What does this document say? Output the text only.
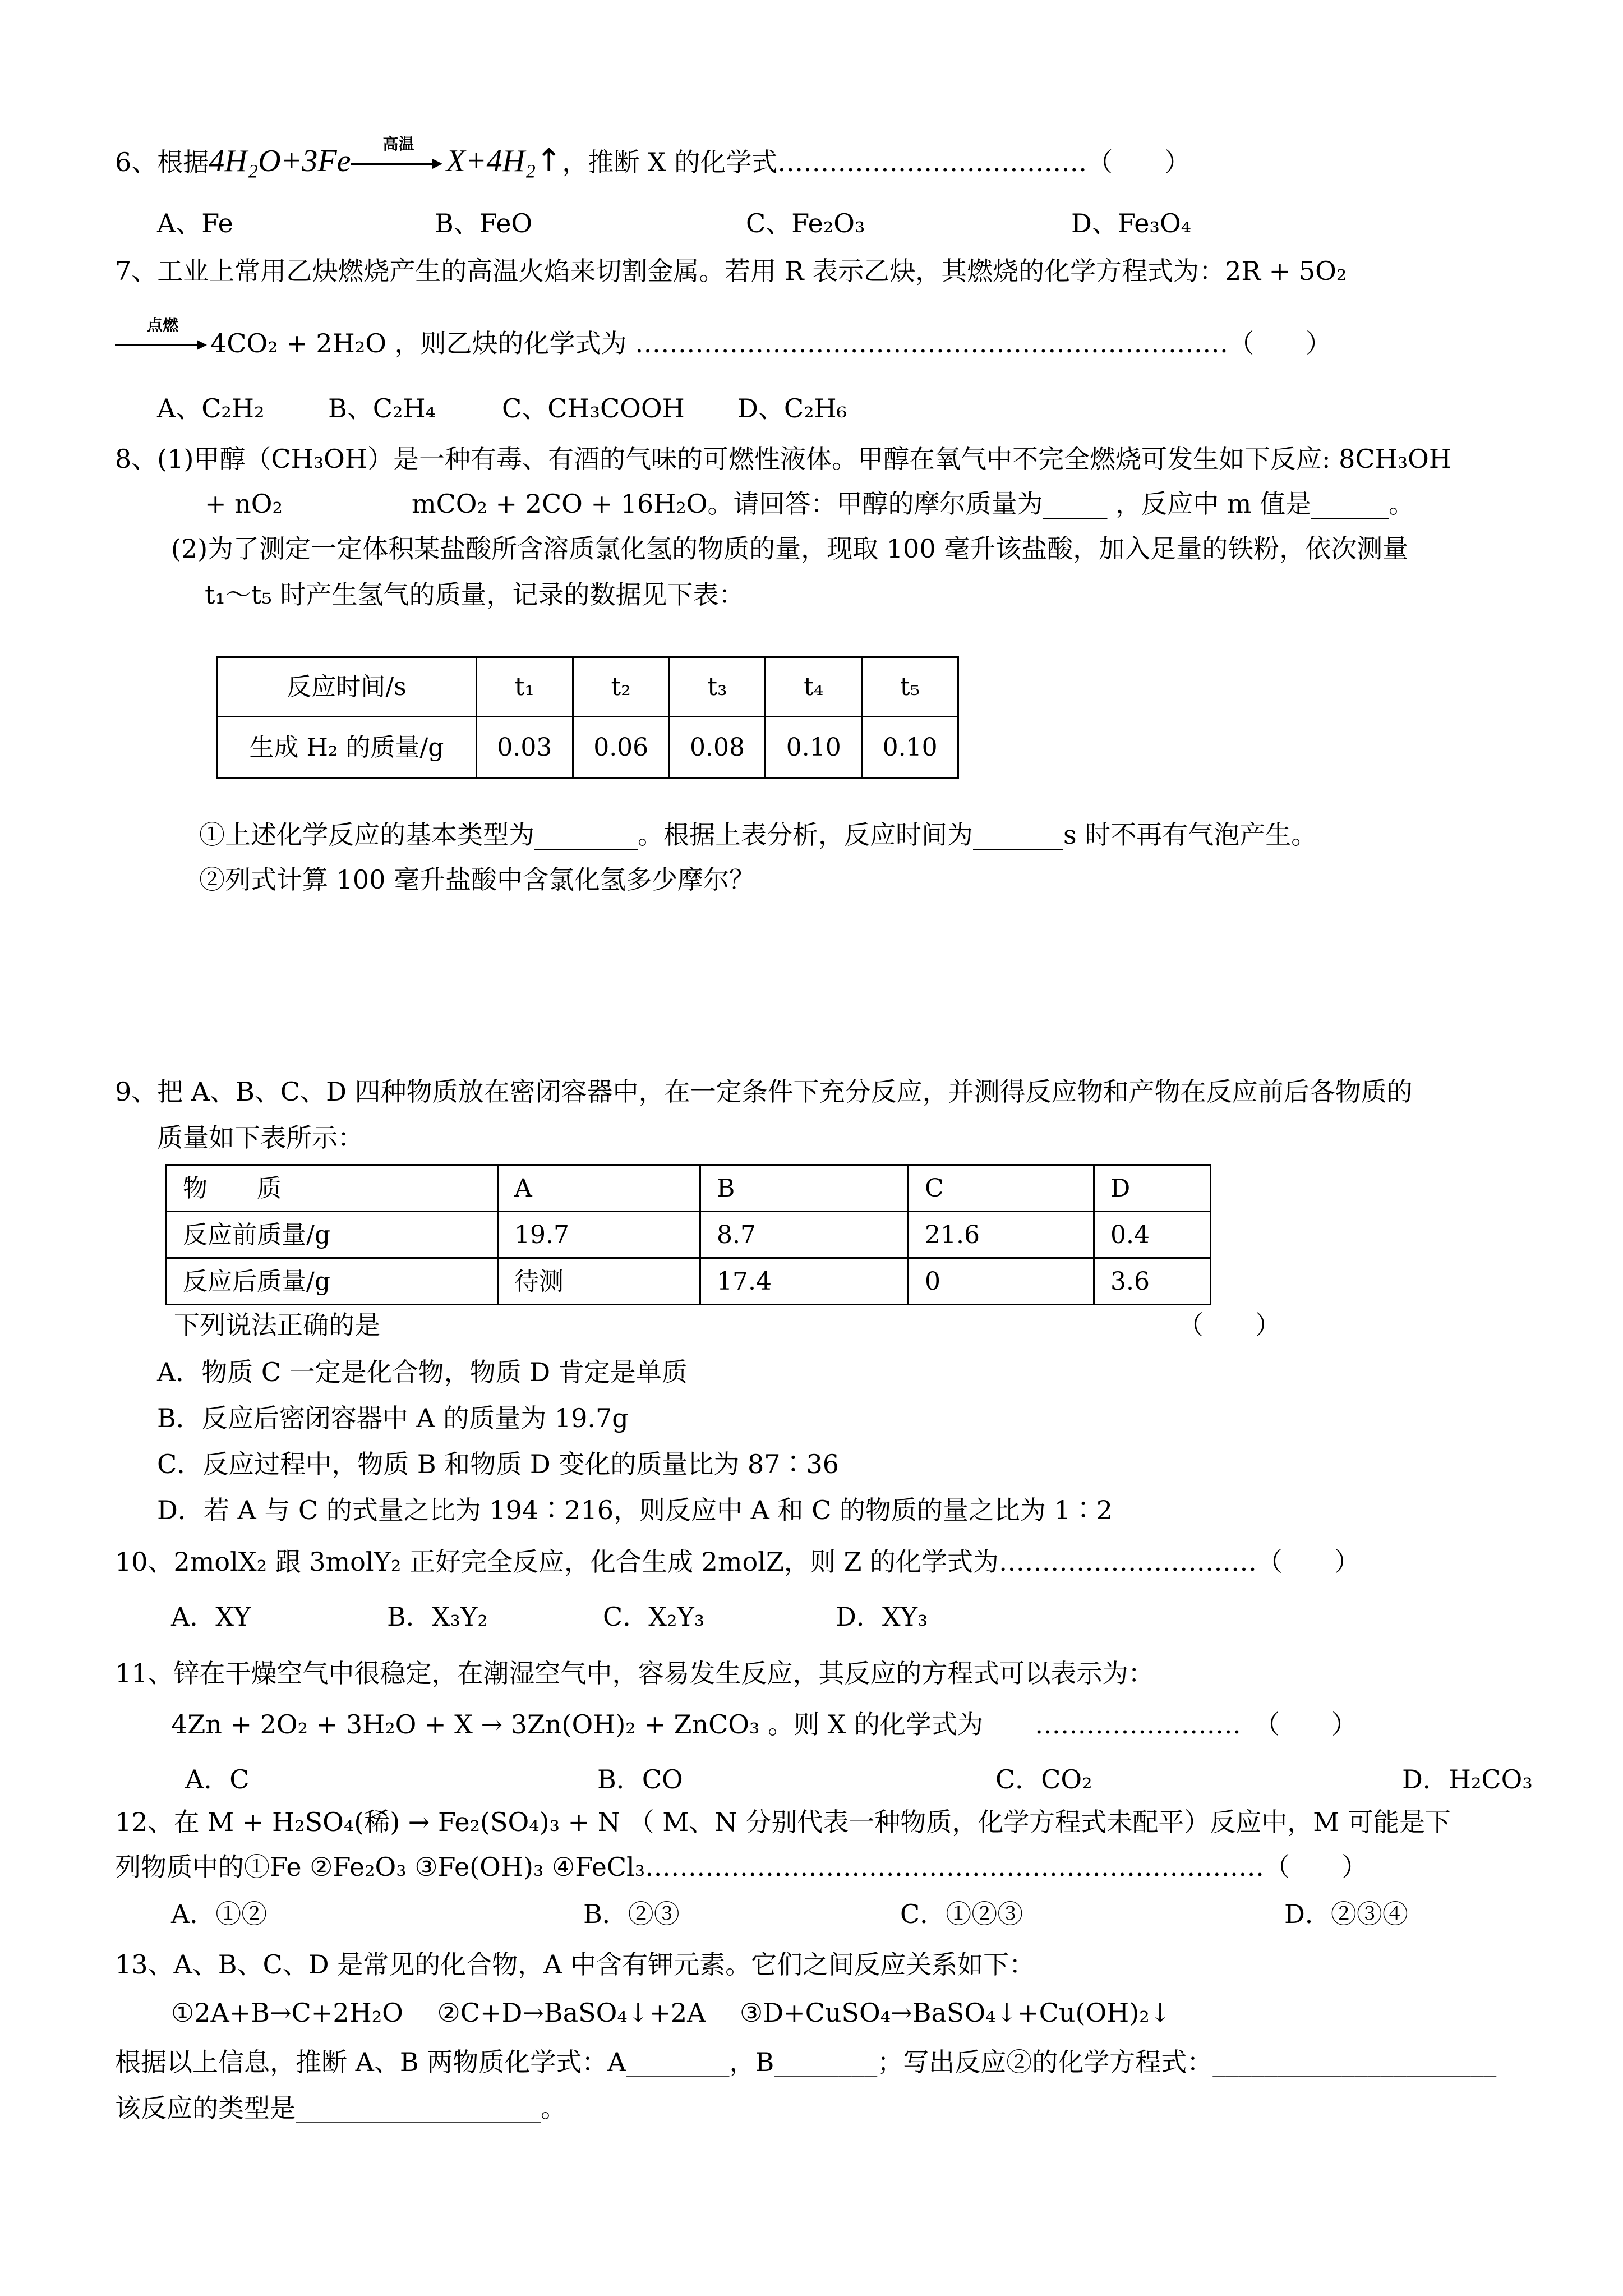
6、根据4H₂O+3Fe	高温	X+4H₂↑，推断 X 的化学式………………………………（　　）
A、Fe	B、FeO	C、Fe₂O₃	D、Fe₃O₄
7、工业上常用乙炔燃烧产生的高温火焰来切割金属。若用 R 表示乙炔，其燃烧的化学方程式为：2R + 5O₂
点燃
4CO₂ + 2H₂O ，则乙炔的化学式为 ……………………………………………………………（　　）
A、C₂H₂ B、C₂H₄	C、CH₃COOH D、C₂H₆
8、(1)甲醇（CH₃OH）是一种有毒、有酒的气味的可燃性液体。甲醇在氧气中不完全燃烧可发生如下反应: 8CH₃OH
+ nO₂　　　　　mCO₂ + 2CO + 16H₂O。请回答：甲醇的摩尔质量为_____ ，反应中 m 值是______。
(2)为了测定一定体积某盐酸所含溶质氯化氢的物质的量，现取 100 毫升该盐酸，加入足量的铁粉，依次测量
t₁～t₅ 时产生氢气的质量，记录的数据见下表：
反应时间/s	t₁	t₂	t₃	t₄	t₅
生成 H₂ 的质量/g	0.03	0.06	0.08	0.10	0.10
①上述化学反应的基本类型为________。根据上表分析，反应时间为_______s 时不再有气泡产生。
②列式计算 100 毫升盐酸中含氯化氢多少摩尔？
9、把 A、B、C、D 四种物质放在密闭容器中，在一定条件下充分反应，并测得反应物和产物在反应前后各物质的
质量如下表所示：
物　　质	A	B	C	D
反应前质量/g	19.7	8.7	21.6	0.4
反应后质量/g	待测	17.4	0	3.6
下列说法正确的是	（　　）
A．物质 C 一定是化合物，物质 D 肯定是单质
B．反应后密闭容器中 A 的质量为 19.7g
C．反应过程中，物质 B 和物质 D 变化的质量比为 87∶36
D．若 A 与 C 的式量之比为 194∶216，则反应中 A 和 C 的物质的量之比为 1∶2
10、2molX₂ 跟 3molY₂ 正好完全反应，化合生成 2molZ，则 Z 的化学式为…………………………（　　）
A．XY	B．X₃Y₂	C．X₂Y₃	D．XY₃
11、锌在干燥空气中很稳定，在潮湿空气中，容易发生反应，其反应的方程式可以表示为：
4Zn + 2O₂ + 3H₂O + X → 3Zn(OH)₂ + ZnCO₃ 。则 X 的化学式为　　……………………　（　　）
A．C	B．CO	C．CO₂	D．H₂CO₃
12、在 M + H₂SO₄(稀) → Fe₂(SO₄)₃ + N （ M、N 分别代表一种物质，化学方程式未配平）反应中，M 可能是下
列物质中的①Fe ②Fe₂O₃ ③Fe(OH)₃ ④FeCl₃………………………………………………………………（　　）
A．①②	B．②③	C．①②③	D．②③④
13、A、B、C、D 是常见的化合物，A 中含有钾元素。它们之间反应关系如下：
①2A+B→C+2H₂O　 ②C+D→BaSO₄↓+2A　 ③D+CuSO₄→BaSO₄↓+Cu(OH)₂↓
根据以上信息，推断 A、B 两物质化学式：A________，B________；写出反应②的化学方程式：______________________
该反应的类型是___________________。
